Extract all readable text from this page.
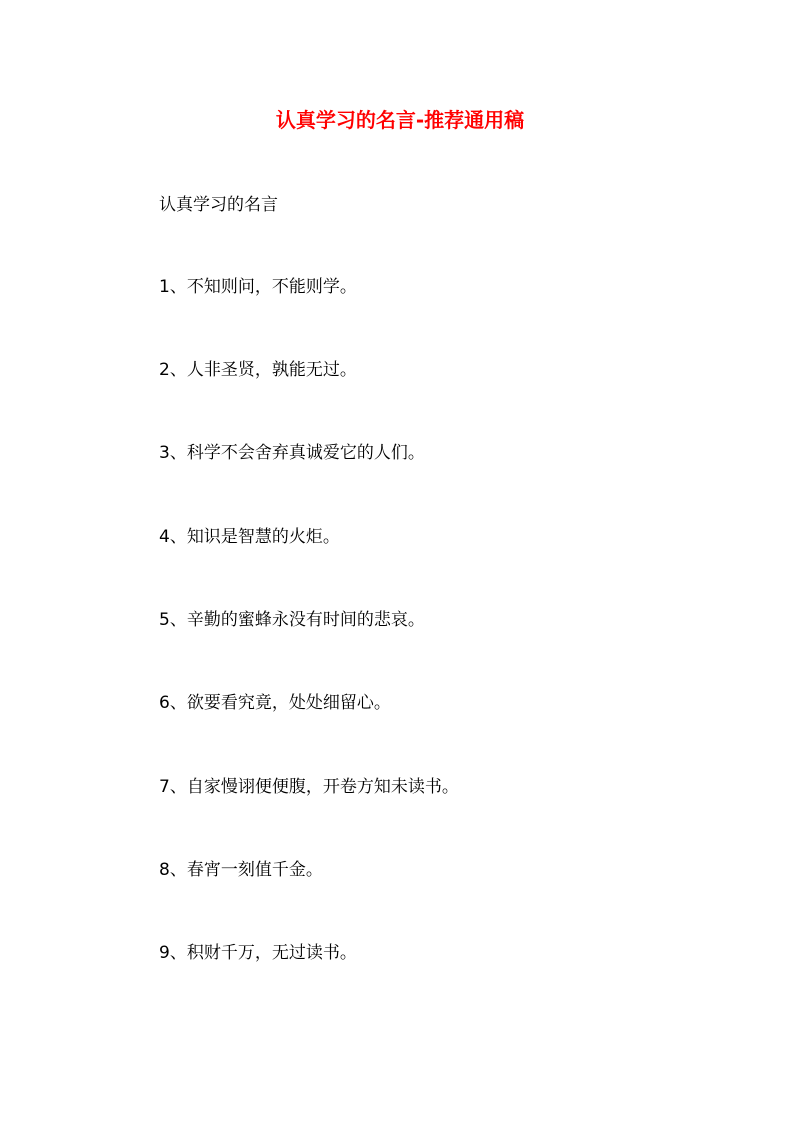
认真学习的名言-推荐通用稿

认真学习的名言

1、不知则问，不能则学。
2、人非圣贤，孰能无过。
3、科学不会舍弃真诚爱它的人们。
4、知识是智慧的火炬。
5、辛勤的蜜蜂永没有时间的悲哀。
6、欲要看究竟，处处细留心。
7、自家慢诩便便腹，开卷方知未读书。
8、春宵一刻值千金。
9、积财千万，无过读书。
